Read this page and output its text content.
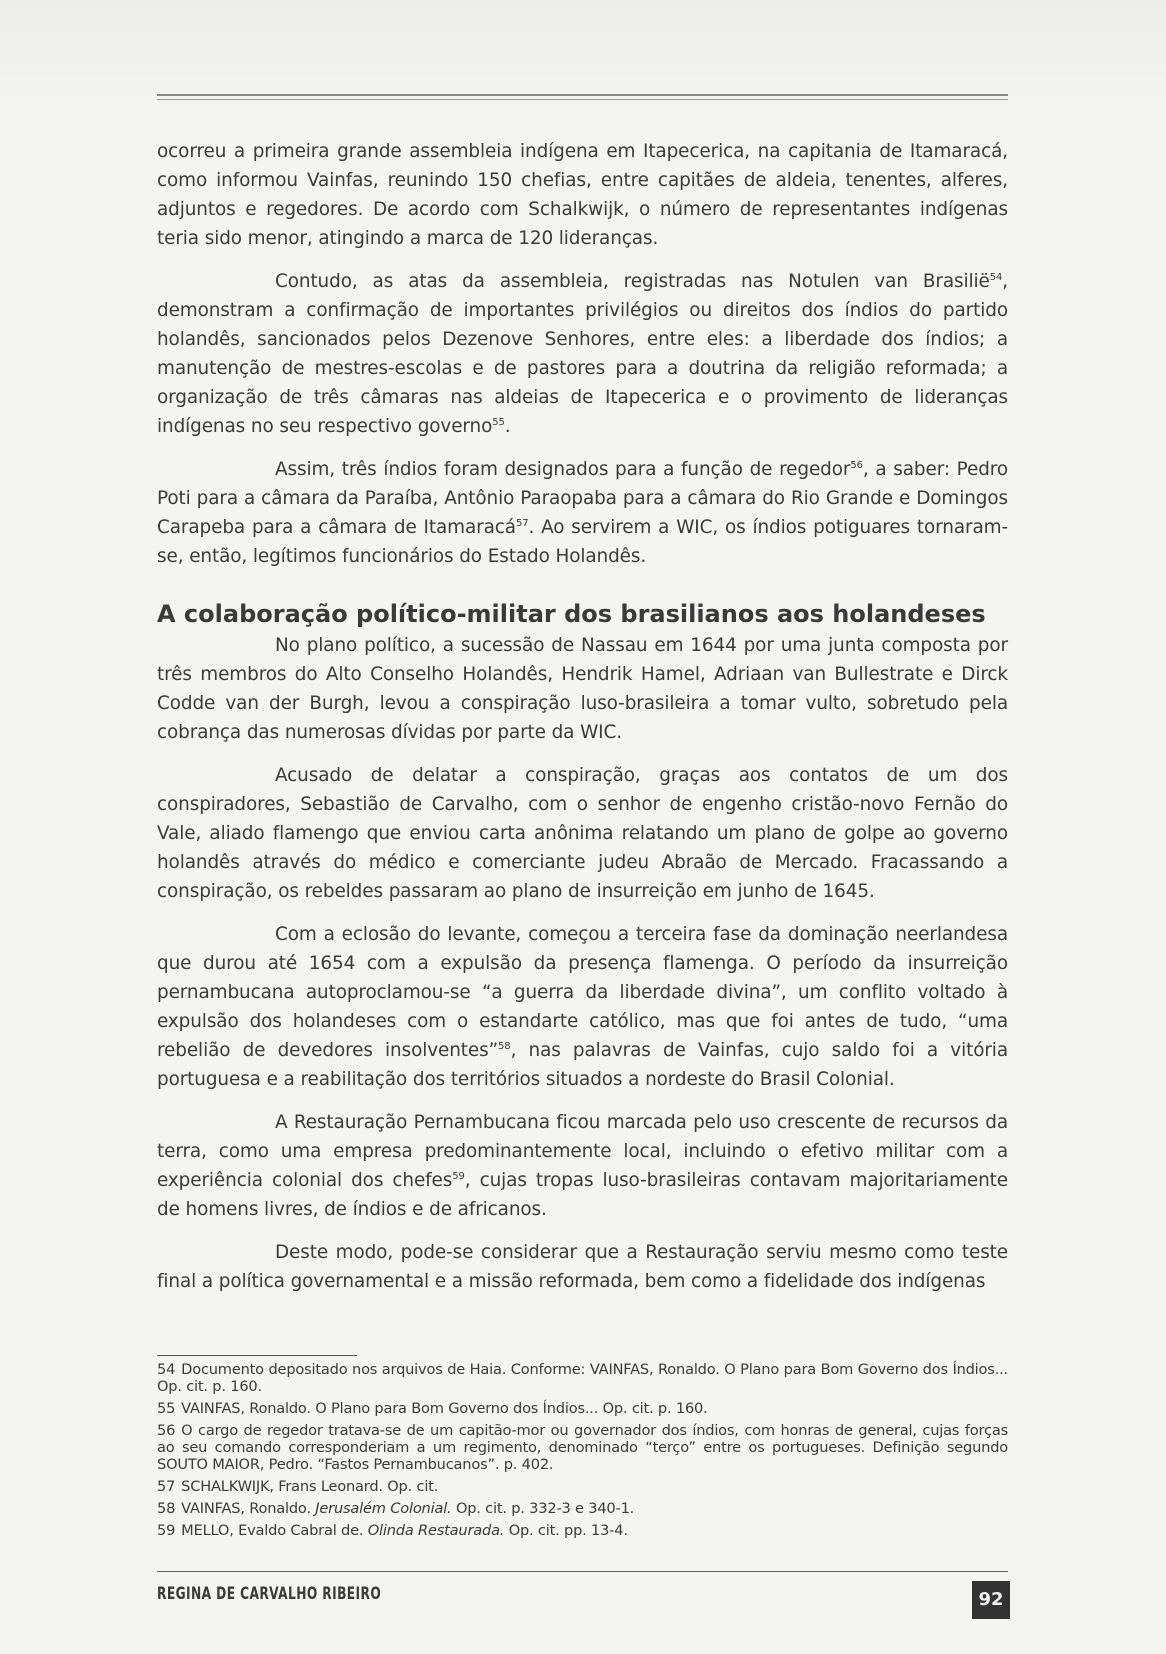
ocorreu a primeira grande assembleia indígena em Itapecerica, na capitania de Itamaracá, como informou Vainfas, reunindo 150 chefias, entre capitães de aldeia, tenentes, alferes, adjuntos e regedores. De acordo com Schalkwijk, o número de representantes indígenas teria sido menor, atingindo a marca de 120 lideranças.

Contudo, as atas da assembleia, registradas nas Notulen van Brasilië$^{54}$, demonstram a confirmação de importantes privilégios ou direitos dos índios do partido holandês, sancionados pelos Dezenove Senhores, entre eles: a liberdade dos índios; a manutenção de mestres-escolas e de pastores para a doutrina da religião reformada; a organização de três câmaras nas aldeias de Itapecerica e o provimento de lideranças indígenas no seu respectivo governo$^{55}$.

Assim, três índios foram designados para a função de regedor$^{56}$, a saber: Pedro Poti para a câmara da Paraíba, Antônio Paraopaba para a câmara do Rio Grande e Domingos Carapeba para a câmara de Itamaracá$^{57}$. Ao servirem a WIC, os índios potiguares tornaram-se, então, legítimos funcionários do Estado Holandês.

A colaboração político-militar dos brasilianos aos holandeses

No plano político, a sucessão de Nassau em 1644 por uma junta composta por três membros do Alto Conselho Holandês, Hendrik Hamel, Adriaan van Bullestrate e Dirck Codde van der Burgh, levou a conspiração luso-brasileira a tomar vulto, sobretudo pela cobrança das numerosas dívidas por parte da WIC.

Acusado de delatar a conspiração, graças aos contatos de um dos conspiradores, Sebastião de Carvalho, com o senhor de engenho cristão-novo Fernão do Vale, aliado flamengo que enviou carta anônima relatando um plano de golpe ao governo holandês através do médico e comerciante judeu Abraão de Mercado. Fracassando a conspiração, os rebeldes passaram ao plano de insurreição em junho de 1645.

Com a eclosão do levante, começou a terceira fase da dominação neerlandesa que durou até 1654 com a expulsão da presença flamenga. O período da insurreição pernambucana autoproclamou-se “a guerra da liberdade divina”, um conflito voltado à expulsão dos holandeses com o estandarte católico, mas que foi antes de tudo, “uma rebelião de devedores insolventes”$^{58}$, nas palavras de Vainfas, cujo saldo foi a vitória portuguesa e a reabilitação dos territórios situados a nordeste do Brasil Colonial.

A Restauração Pernambucana ficou marcada pelo uso crescente de recursos da terra, como uma empresa predominantemente local, incluindo o efetivo militar com a experiência colonial dos chefes$^{59}$, cujas tropas luso-brasileiras contavam majoritariamente de homens livres, de índios e de africanos.

Deste modo, pode-se considerar que a Restauração serviu mesmo como teste final a política governamental e a missão reformada, bem como a fidelidade dos indígenas

54 Documento depositado nos arquivos de Haia. Conforme: VAINFAS, Ronaldo. O Plano para Bom Governo dos Índios... Op. cit. p. 160.

55 VAINFAS, Ronaldo. O Plano para Bom Governo dos Índios... Op. cit. p. 160.

56 O cargo de regedor tratava-se de um capitão-mor ou governador dos índios, com honras de general, cujas forças ao seu comando corresponderiam a um regimento, denominado “terço” entre os portugueses. Definição segundo SOUTO MAIOR, Pedro. “Fastos Pernambucanos”. p. 402.

57 SCHALKWIJK, Frans Leonard. Op. cit.

58 VAINFAS, Ronaldo. Jerusalém Colonial. Op. cit. p. 332-3 e 340-1.

59 MELLO, Evaldo Cabral de. Olinda Restaurada. Op. cit. pp. 13-4.

REGINA DE CARVALHO RIBEIRO	92
